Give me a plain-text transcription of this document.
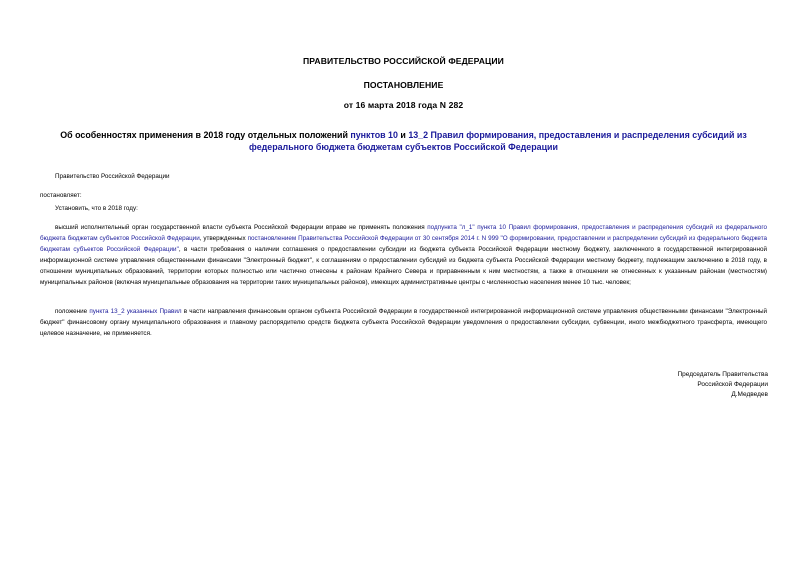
ПРАВИТЕЛЬСТВО РОССИЙСКОЙ ФЕДЕРАЦИИ
ПОСТАНОВЛЕНИЕ
от 16 марта 2018 года N 282
Об особенностях применения в 2018 году отдельных положений пунктов 10 и 13_2 Правил формирования, предоставления и распределения субсидий из федерального бюджета бюджетам субъектов Российской Федерации
Правительство Российской Федерации
постановляет:
Установить, что в 2018 году:
высший исполнительный орган государственной власти субъекта Российской Федерации вправе не применять положения подпункта "л_1" пункта 10 Правил формирования, предоставления и распределения субсидий из федерального бюджета бюджетам субъектов Российской Федерации, утвержденных постановлением Правительства Российской Федерации от 30 сентября 2014 г. N 999 "О формировании, предоставлении и распределении субсидий из федерального бюджета бюджетам субъектов Российской Федерации", в части требования о наличии соглашения о предоставлении субсидии из бюджета субъекта Российской Федерации местному бюджету, заключенного в государственной интегрированной информационной системе управления общественными финансами "Электронный бюджет", к соглашениям о предоставлении субсидий из бюджета субъекта Российской Федерации местному бюджету, подлежащим заключению в 2018 году, в отношении муниципальных образований, территории которых полностью или частично отнесены к районам Крайнего Севера и приравненным к ним местностям, а также в отношении не отнесенных к указанным районам (местностям) муниципальных районов (включая муниципальные образования на территории таких муниципальных районов), имеющих административные центры с численностью населения менее 10 тыс. человек;
положение пункта 13_2 указанных Правил в части направления финансовым органом субъекта Российской Федерации в государственной интегрированной информационной системе управления общественными финансами "Электронный бюджет" финансовому органу муниципального образования и главному распорядителю средств бюджета субъекта Российской Федерации уведомления о предоставлении субсидии, субвенции, иного межбюджетного трансферта, имеющего целевое назначение, не применяется.
Председатель Правительства
Российской Федерации
Д.Медведев
